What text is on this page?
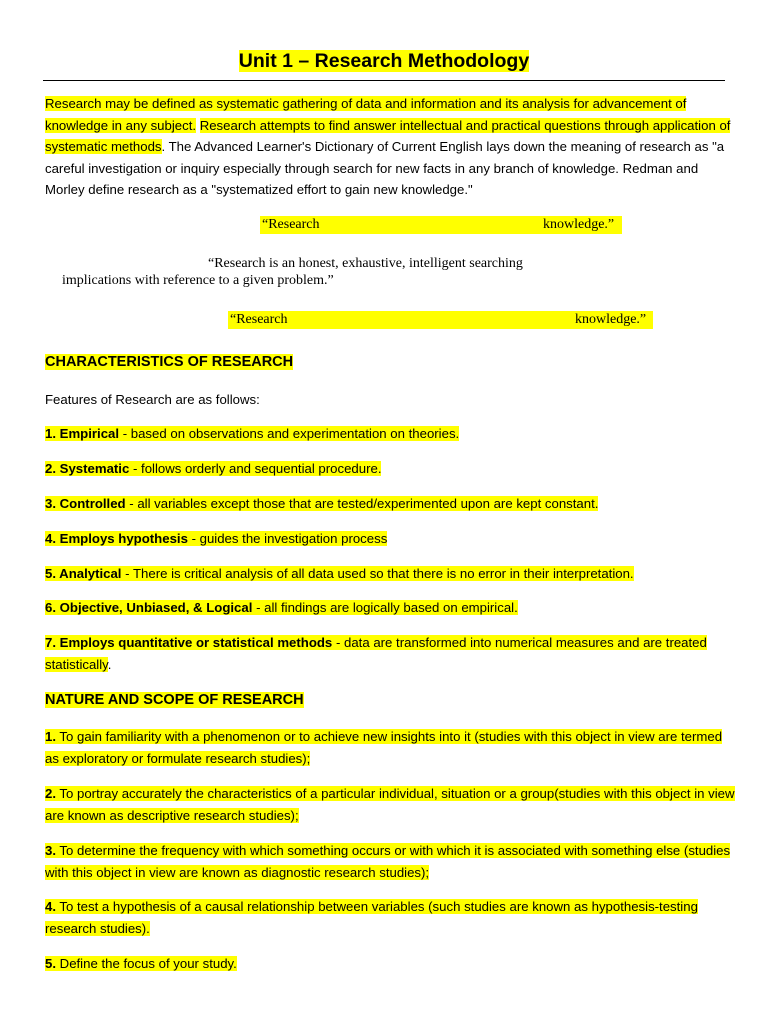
Unit 1 – Research Methodology
Research may be defined as systematic gathering of data and information and its analysis for advancement of knowledge in any subject. Research attempts to find answer intellectual and practical questions through application of systematic methods. The Advanced Learner's Dictionary of Current English lays down the meaning of research as "a careful investigation or inquiry especially through search for new facts in any branch of knowledge. Redman and Morley define research as a "systematized effort to gain new knowledge."
“Research	knowledge.”
“Research is an honest, exhaustive, intelligent searching
implications with reference to a given problem.”
“Research	knowledge.”
CHARACTERISTICS OF RESEARCH
Features of Research are as follows:
1. Empirical - based on observations and experimentation on theories.
2. Systematic - follows orderly and sequential procedure.
3. Controlled - all variables except those that are tested/experimented upon are kept constant.
4. Employs hypothesis - guides the investigation process
5. Analytical - There is critical analysis of all data used so that there is no error in their interpretation.
6. Objective, Unbiased, & Logical - all findings are logically based on empirical.
7. Employs quantitative or statistical methods - data are transformed into numerical measures and are treated statistically.
NATURE AND SCOPE OF RESEARCH
1. To gain familiarity with a phenomenon or to achieve new insights into it (studies with this object in view are termed as exploratory or formulate research studies);
2. To portray accurately the characteristics of a particular individual, situation or a group(studies with this object in view are known as descriptive research studies);
3. To determine the frequency with which something occurs or with which it is associated with something else (studies with this object in view are known as diagnostic research studies);
4. To test a hypothesis of a causal relationship between variables (such studies are known as hypothesis-testing research studies).
5. Define the focus of your study.
